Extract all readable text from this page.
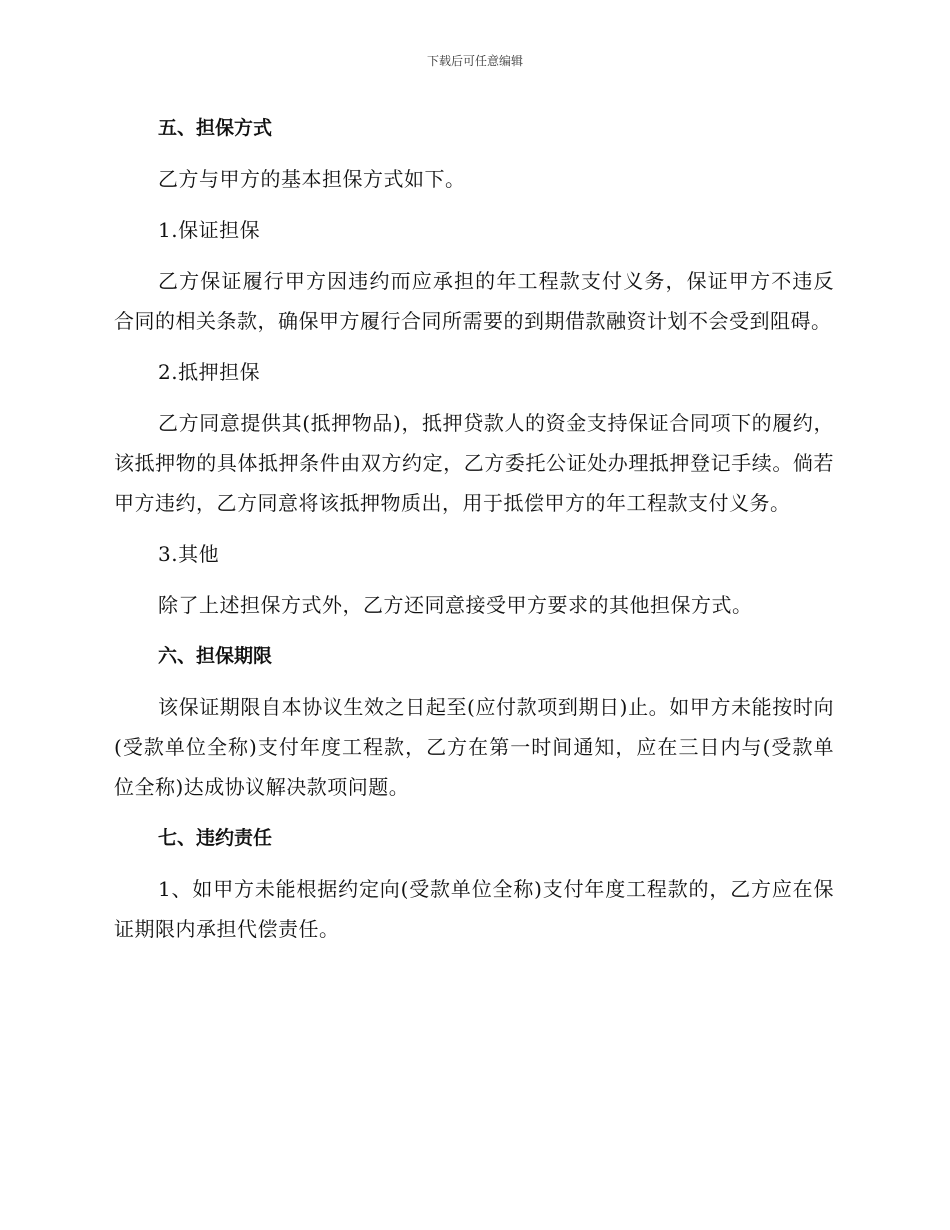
下载后可任意编辑
五、担保方式
乙方与甲方的基本担保方式如下。
1.保证担保
乙方保证履行甲方因违约而应承担的年工程款支付义务，保证甲方不违反合同的相关条款，确保甲方履行合同所需要的到期借款融资计划不会受到阻碍。
2.抵押担保
乙方同意提供其(抵押物品)，抵押贷款人的资金支持保证合同项下的履约，该抵押物的具体抵押条件由双方约定，乙方委托公证处办理抵押登记手续。倘若甲方违约，乙方同意将该抵押物质出，用于抵偿甲方的年工程款支付义务。
3.其他
除了上述担保方式外，乙方还同意接受甲方要求的其他担保方式。
六、担保期限
该保证期限自本协议生效之日起至(应付款项到期日)止。如甲方未能按时向(受款单位全称)支付年度工程款，乙方在第一时间通知，应在三日内与(受款单位全称)达成协议解决款项问题。
七、违约责任
1、如甲方未能根据约定向(受款单位全称)支付年度工程款的，乙方应在保证期限内承担代偿责任。
